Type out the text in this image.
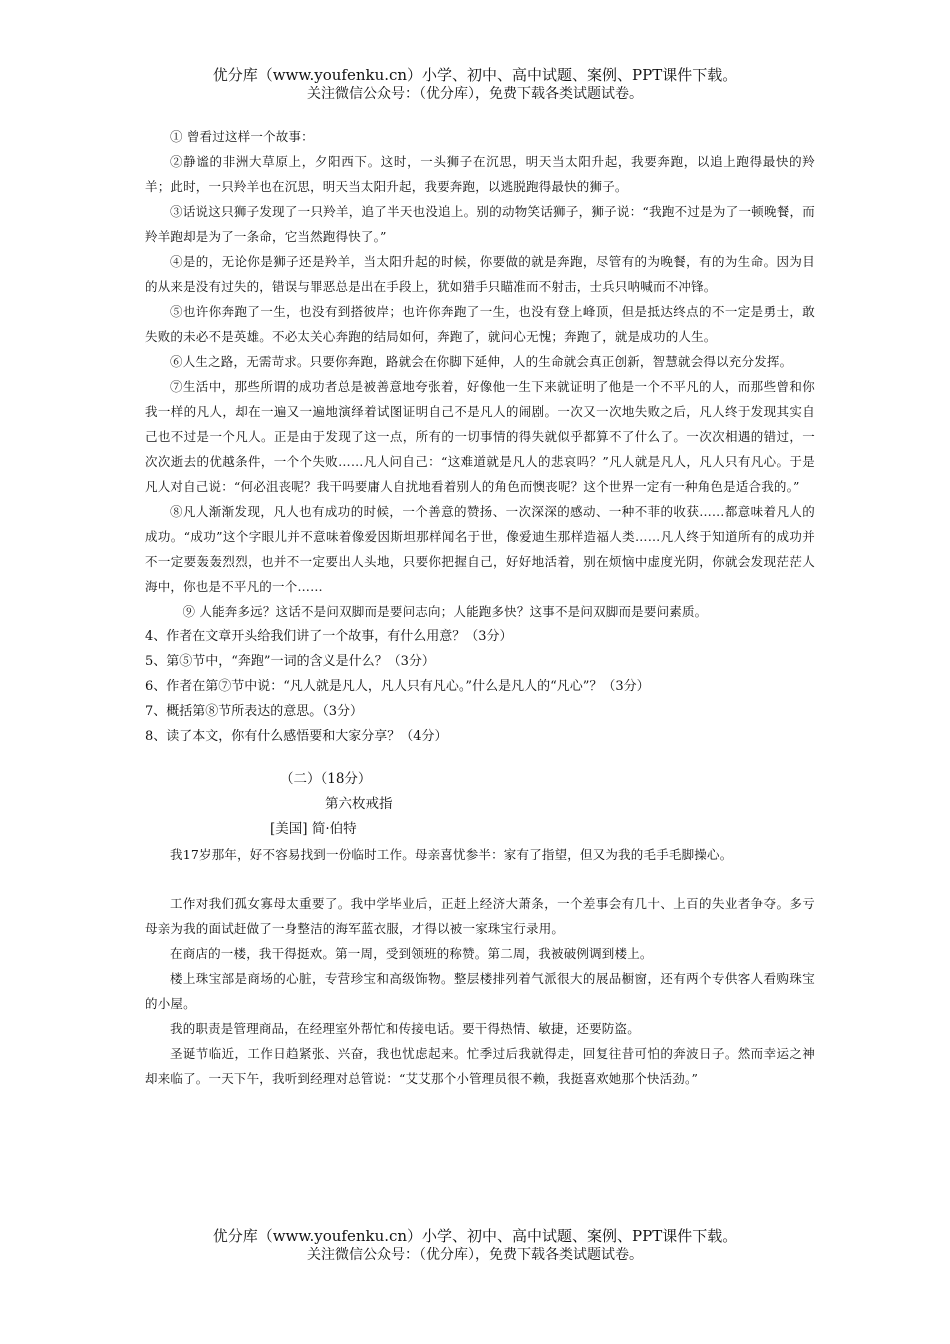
优分库（www.youfenku.cn）小学、初中、高中试题、案例、PPT课件下载。
关注微信公众号：（优分库），免费下载各类试题试卷。

① 曾看过这样一个故事：

②静谧的非洲大草原上，夕阳西下。这时，一头狮子在沉思，明天当太阳升起，我要奔跑，以追上跑得最快的羚羊；此时，一只羚羊也在沉思，明天当太阳升起，我要奔跑，以逃脱跑得最快的狮子。

③话说这只狮子发现了一只羚羊，追了半天也没追上。别的动物笑话狮子，狮子说：“我跑不过是为了一顿晚餐，而羚羊跑却是为了一条命，它当然跑得快了。”

④是的，无论你是狮子还是羚羊，当太阳升起的时候，你要做的就是奔跑，尽管有的为晚餐，有的为生命。因为目的从来是没有过失的，错误与罪恶总是出在手段上，犹如猎手只瞄准而不射击，士兵只呐喊而不冲锋。

⑤也许你奔跑了一生，也没有到搭彼岸；也许你奔跑了一生，也没有登上峰顶，但是抵达终点的不一定是勇士，敢失败的未必不是英雄。不必太关心奔跑的结局如何，奔跑了，就问心无愧；奔跑了，就是成功的人生。

⑥人生之路，无需苛求。只要你奔跑，路就会在你脚下延伸，人的生命就会真正创新，智慧就会得以充分发挥。

⑦生活中，那些所谓的成功者总是被善意地夸张着，好像他一生下来就证明了他是一个不平凡的人，而那些曾和你我一样的凡人，却在一遍又一遍地演绎着试图证明自己不是凡人的闹剧。一次又一次地失败之后，凡人终于发现其实自己也不过是一个凡人。正是由于发现了这一点，所有的一切事情的得失就似乎都算不了什么了。一次次相遇的错过，一次次逝去的优越条件，一个个失败……凡人问自己：“这难道就是凡人的悲哀吗？”凡人就是凡人，凡人只有凡心。于是凡人对自己说：“何必沮丧呢？我干吗要庸人自扰地看着别人的角色而懊丧呢？这个世界一定有一种角色是适合我的。”

⑧凡人渐渐发现，凡人也有成功的时候，一个善意的赞扬、一次深深的感动、一种不菲的收获……都意味着凡人的成功。“成功”这个字眼儿并不意味着像爱因斯坦那样闻名于世，像爱迪生那样造福人类……凡人终于知道所有的成功并不一定要轰轰烈烈，也并不一定要出人头地，只要你把握自己，好好地活着，别在烦恼中虚度光阴，你就会发现茫茫人海中，你也是不平凡的一个……

⑨ 人能奔多远？这话不是问双脚而是要问志向；人能跑多快？这事不是问双脚而是要问素质。

4、作者在文章开头给我们讲了一个故事，有什么用意？（3分）

5、第⑤节中，“奔跑”一词的含义是什么？（3分）

6、作者在第⑦节中说：“凡人就是凡人，凡人只有凡心。”什么是凡人的“凡心”？（3分）

7、概括第⑧节所表达的意思。（3分）

8、读了本文，你有什么感悟要和大家分享？（4分）

（二）（18分）

第六枚戒指

[美国] 简·伯特

我17岁那年，好不容易找到一份临时工作。母亲喜忧参半：家有了指望，但又为我的毛手毛脚操心。

工作对我们孤女寡母太重要了。我中学毕业后，正赶上经济大萧条，一个差事会有几十、上百的失业者争夺。多亏母亲为我的面试赶做了一身整洁的海军蓝衣服，才得以被一家珠宝行录用。

在商店的一楼，我干得挺欢。第一周，受到领班的称赞。第二周，我被破例调到楼上。

楼上珠宝部是商场的心脏，专营珍宝和高级饰物。整层楼排列着气派很大的展品橱窗，还有两个专供客人看购珠宝的小屋。

我的职责是管理商品，在经理室外帮忙和传接电话。要干得热情、敏捷，还要防盗。

圣诞节临近，工作日趋紧张、兴奋，我也忧虑起来。忙季过后我就得走，回复往昔可怕的奔波日子。然而幸运之神却来临了。一天下午，我听到经理对总管说：“艾艾那个小管理员很不赖，我挺喜欢她那个快活劲。”

优分库（www.youfenku.cn）小学、初中、高中试题、案例、PPT课件下载。
关注微信公众号：（优分库），免费下载各类试题试卷。
